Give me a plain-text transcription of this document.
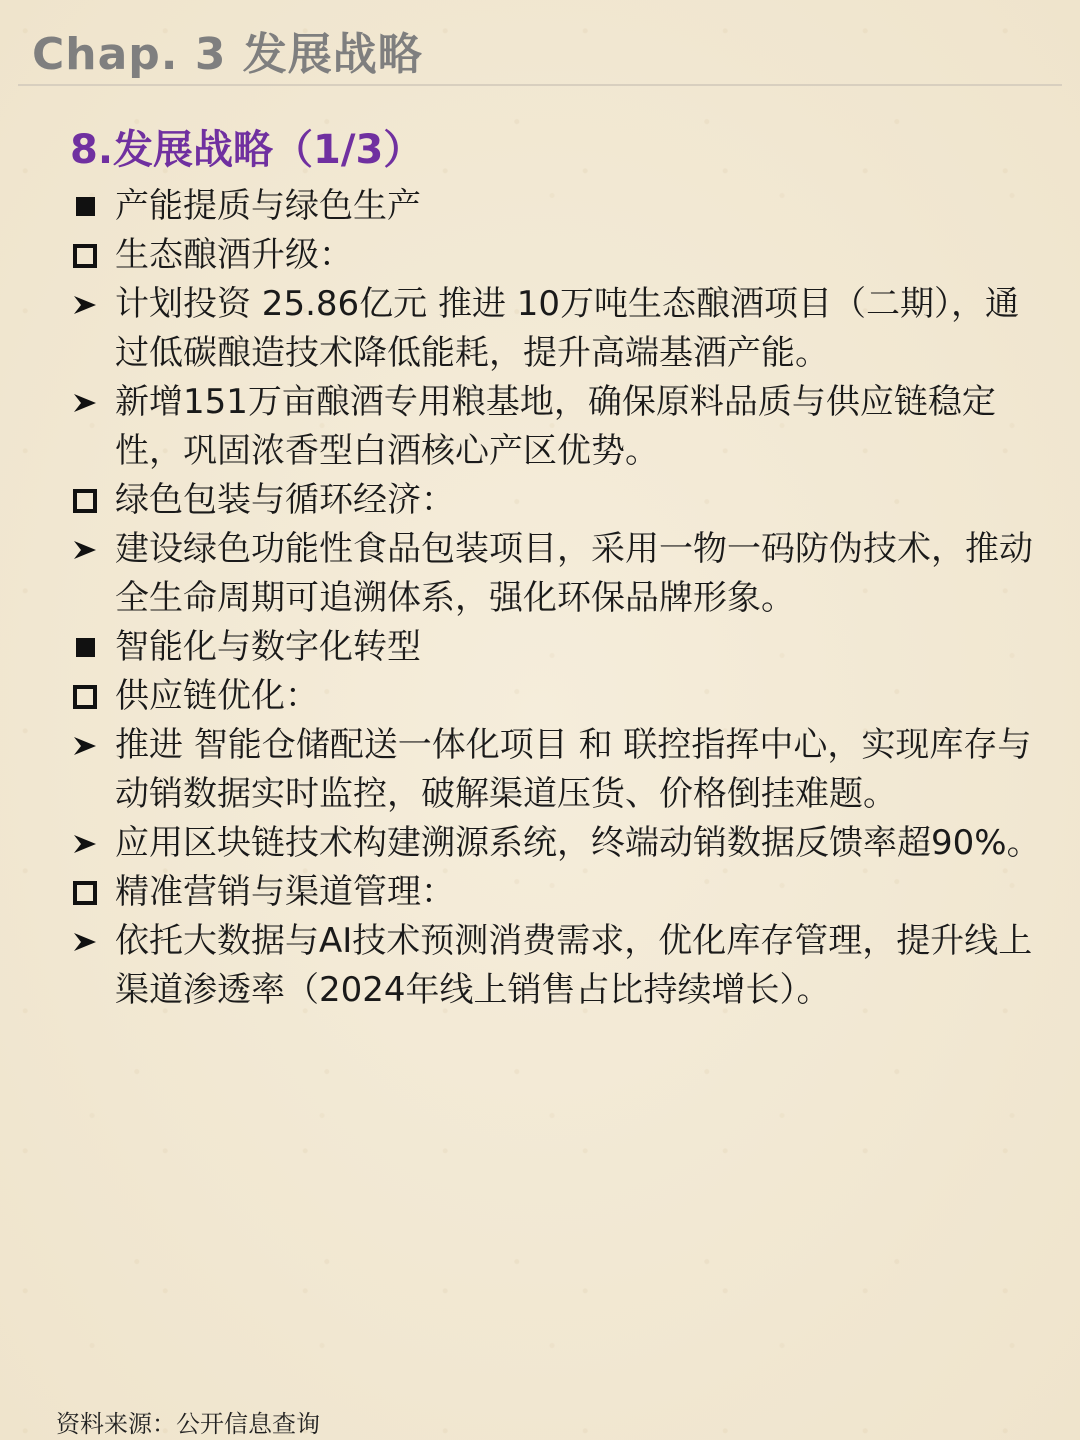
Chap. 3 发展战略
8.发展战略（1/3）
产能提质与绿色生产
生态酿酒升级：
计划投资 25.86亿元 推进 10万吨生态酿酒项目（二期），通过低碳酿造技术降低能耗，提升高端基酒产能。
新增151万亩酿酒专用粮基地，确保原料品质与供应链稳定性，巩固浓香型白酒核心产区优势。
绿色包装与循环经济：
建设绿色功能性食品包装项目，采用一物一码防伪技术，推动全生命周期可追溯体系，强化环保品牌形象。
智能化与数字化转型
供应链优化：
推进 智能仓储配送一体化项目 和 联控指挥中心，实现库存与动销数据实时监控，破解渠道压货、价格倒挂难题。
应用区块链技术构建溯源系统，终端动销数据反馈率超90%。
精准营销与渠道管理：
依托大数据与AI技术预测消费需求，优化库存管理，提升线上渠道渗透率（2024年线上销售占比持续增长）。
资料来源：公开信息查询
